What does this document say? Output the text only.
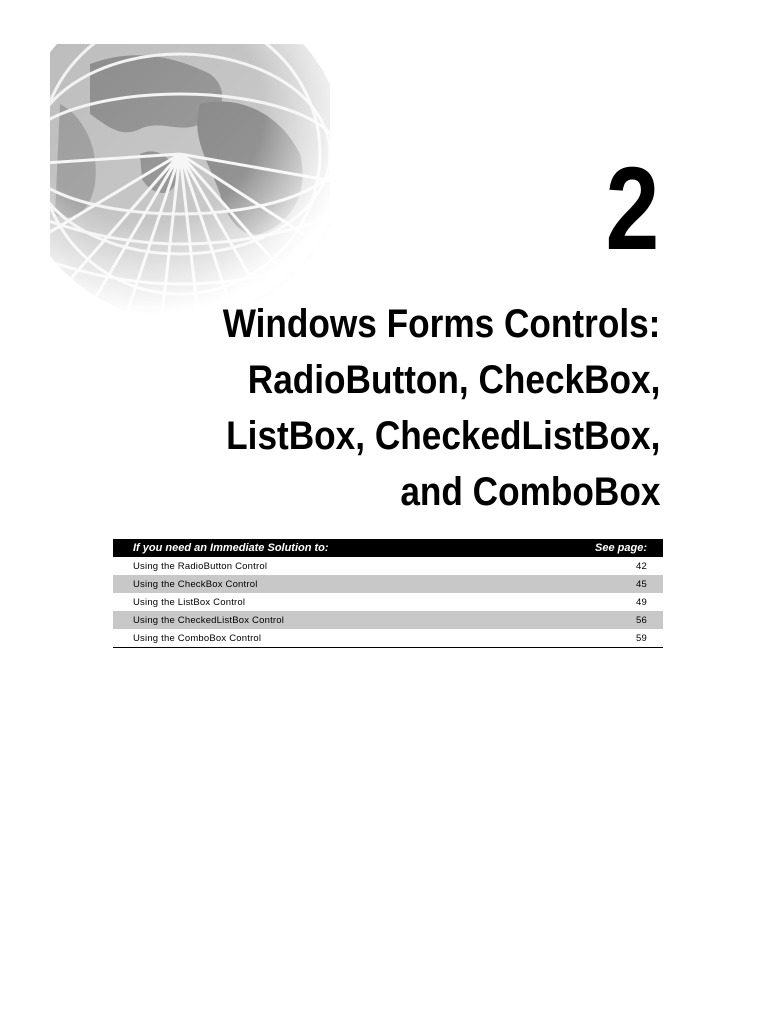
2
Windows Forms Controls:
RadioButton, CheckBox,
ListBox, CheckedListBox,
and ComboBox
If you need an Immediate Solution to:	See page:
Using the RadioButton Control	42
Using the CheckBox Control	45
Using the ListBox Control	49
Using the CheckedListBox Control	56
Using the ComboBox Control	59
